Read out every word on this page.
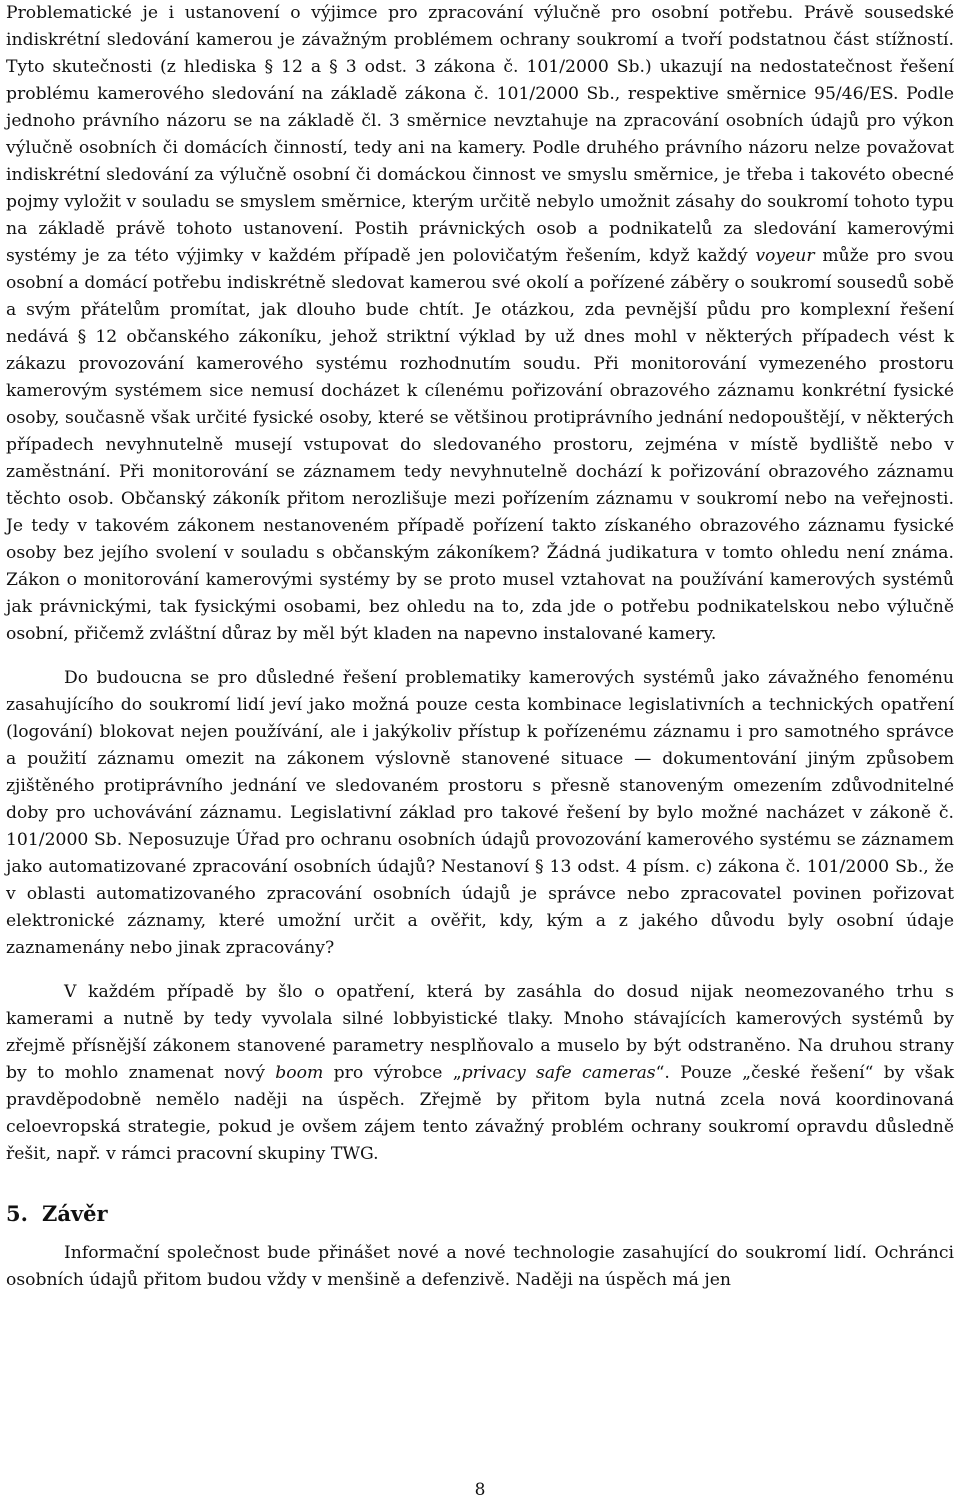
Problematické je i ustanovení o výjimce pro zpracování výlučně pro osobní potřebu. Právě sousedské indiskrétní sledování kamerou je závažným problémem ochrany soukromí a tvoří podstatnou část stížností. Tyto skutečnosti (z hlediska § 12 a § 3 odst. 3 zákona č. 101/2000 Sb.) ukazují na nedostatečnost řešení problému kamerového sledování na základě zákona č. 101/2000 Sb., respektive směrnice 95/46/ES. Podle jednoho právního názoru se na základě čl. 3 směrnice nevztahuje na zpracování osobních údajů pro výkon výlučně osobních či domácích činností, tedy ani na kamery. Podle druhého právního názoru nelze považovat indiskrétní sledování za výlučně osobní či domáckou činnost ve smyslu směrnice, je třeba i takovéto obecné pojmy vyložit v souladu se smyslem směrnice, kterým určitě nebylo umožnit zásahy do soukromí tohoto typu na základě právě tohoto ustanovení. Postih právnických osob a podnikatelů za sledování kamerovými systémy je za této výjimky v každém případě jen polovičatým řešením, když každý voyeur může pro svou osobní a domácí potřebu indiskrétně sledovat kamerou své okolí a pořízené záběry o soukromí sousedů sobě a svým přátelům promítat, jak dlouho bude chtít. Je otázkou, zda pevnější půdu pro komplexní řešení nedává § 12 občanského zákoníku, jehož striktní výklad by už dnes mohl v některých případech vést k zákazu provozování kamerového systému rozhodnutím soudu. Při monitorování vymezeného prostoru kamerovým systémem sice nemusí docházet k cílenému pořizování obrazového záznamu konkrétní fysické osoby, současně však určité fysické osoby, které se většinou protiprávního jednání nedopouštějí, v některých případech nevyhnutelně musejí vstupovat do sledovaného prostoru, zejména v místě bydliště nebo v zaměstnání. Při monitorování se záznamem tedy nevyhnutelně dochází k pořizování obrazového záznamu těchto osob. Občanský zákoník přitom nerozlišuje mezi pořízením záznamu v soukromí nebo na veřejnosti. Je tedy v takovém zákonem nestanoveném případě pořízení takto získaného obrazového záznamu fysické osoby bez jejího svolení v souladu s občanským zákoníkem? Žádná judikatura v tomto ohledu není známa. Zákon o monitorování kamerovými systémy by se proto musel vztahovat na používání kamerových systémů jak právnickými, tak fysickými osobami, bez ohledu na to, zda jde o potřebu podnikatelskou nebo výlučně osobní, přičemž zvláštní důraz by měl být kladen na napevno instalované kamery.

Do budoucna se pro důsledné řešení problematiky kamerových systémů jako závažného fenoménu zasahujícího do soukromí lidí jeví jako možná pouze cesta kombinace legislativních a technických opatření (logování) blokovat nejen používání, ale i jakýkoliv přístup k pořízenému záznamu i pro samotného správce a použití záznamu omezit na zákonem výslovně stanovené situace — dokumentování jiným způsobem zjištěného protiprávního jednání ve sledovaném prostoru s přesně stanoveným omezením zdůvodnitelné doby pro uchovávání záznamu. Legislativní základ pro takové řešení by bylo možné nacházet v zákoně č. 101/2000 Sb. Neposuzuje Úřad pro ochranu osobních údajů provozování kamerového systému se záznamem jako automatizované zpracování osobních údajů? Nestanoví § 13 odst. 4 písm. c) zákona č. 101/2000 Sb., že v oblasti automatizovaného zpracování osobních údajů je správce nebo zpracovatel povinen pořizovat elektronické záznamy, které umožní určit a ověřit, kdy, kým a z jakého důvodu byly osobní údaje zaznamenány nebo jinak zpracovány?

V každém případě by šlo o opatření, která by zasáhla do dosud nijak neomezovaného trhu s kamerami a nutně by tedy vyvolala silné lobbyistické tlaky. Mnoho stávajících kamerových systémů by zřejmě přísnější zákonem stanovené parametry nesplňovalo a muselo by být odstraněno. Na druhou strany by to mohlo znamenat nový boom pro výrobce „privacy safe cameras“. Pouze „české řešení“ by však pravděpodobně nemělo naději na úspěch. Zřejmě by přitom byla nutná zcela nová koordinovaná celoevropská strategie, pokud je ovšem zájem tento závažný problém ochrany soukromí opravdu důsledně řešit, např. v rámci pracovní skupiny TWG.

5. Závěr

Informační společnost bude přinášet nové a nové technologie zasahující do soukromí lidí. Ochránci osobních údajů přitom budou vždy v menšině a defenzivě. Naději na úspěch má jen

8
